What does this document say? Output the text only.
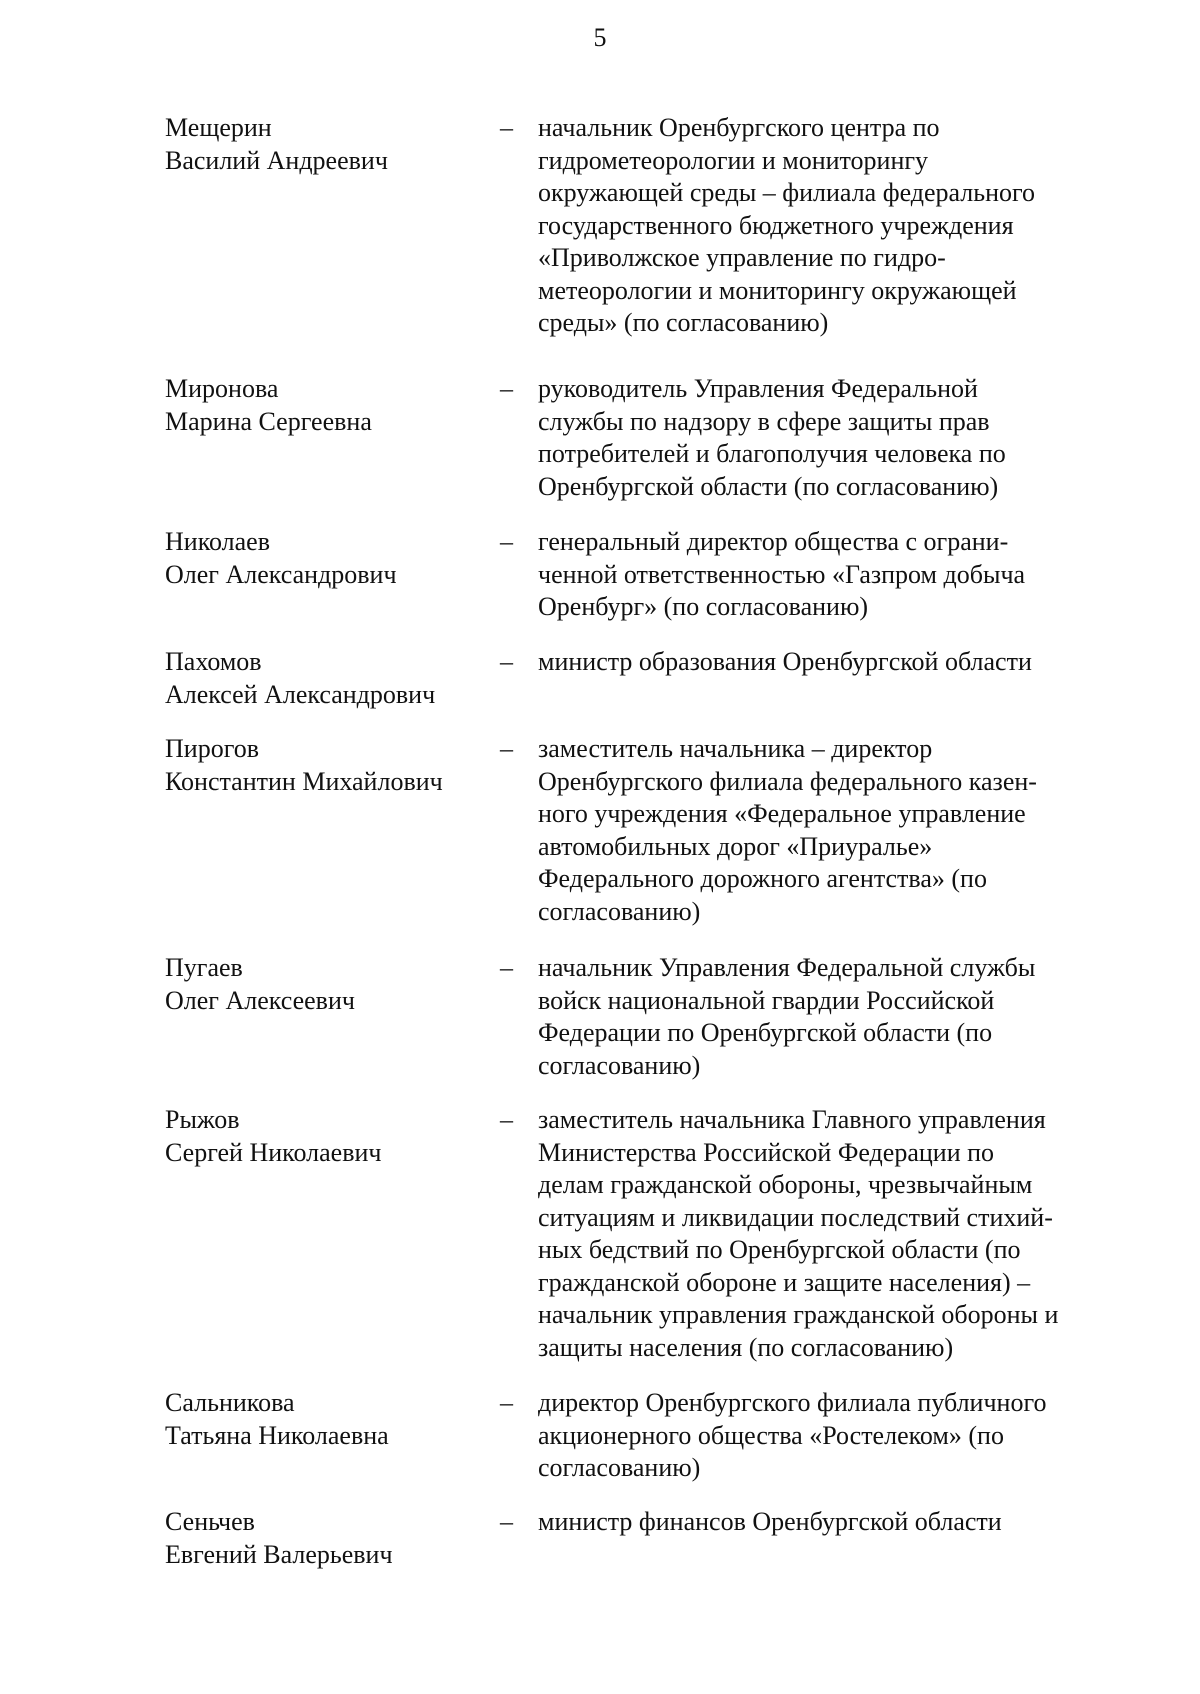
5
Мещерин
Василий Андреевич
– начальник Оренбургского центра по
гидрометеорологии и мониторингу
окружающей среды – филиала федерального
государственного бюджетного учреждения
«Приволжское управление по гидро-
метеорологии и мониторингу окружающей
среды» (по согласованию)
Миронова
Марина Сергеевна
– руководитель Управления Федеральной
службы по надзору в сфере защиты прав
потребителей и благополучия человека по
Оренбургской области (по согласованию)
Николаев
Олег Александрович
– генеральный директор общества с ограни-
ченной ответственностью «Газпром добыча
Оренбург» (по согласованию)
Пахомов
Алексей Александрович
– министр образования Оренбургской области
Пирогов
Константин Михайлович
– заместитель начальника – директор
Оренбургского филиала федерального казен-
ного учреждения «Федеральное управление
автомобильных дорог «Приуралье»
Федерального дорожного агентства» (по
согласованию)
Пугаев
Олег Алексеевич
– начальник Управления Федеральной службы
войск национальной гвардии Российской
Федерации по Оренбургской области (по
согласованию)
Рыжов
Сергей Николаевич
– заместитель начальника Главного управления
Министерства Российской Федерации по
делам гражданской обороны, чрезвычайным
ситуациям и ликвидации последствий стихий-
ных бедствий по Оренбургской области (по
гражданской обороне и защите населения) –
начальник управления гражданской обороны и
защиты населения (по согласованию)
Сальникова
Татьяна Николаевна
– директор Оренбургского филиала публичного
акционерного общества «Ростелеком» (по
согласованию)
Сеньчев
Евгений Валерьевич
– министр финансов Оренбургской области
